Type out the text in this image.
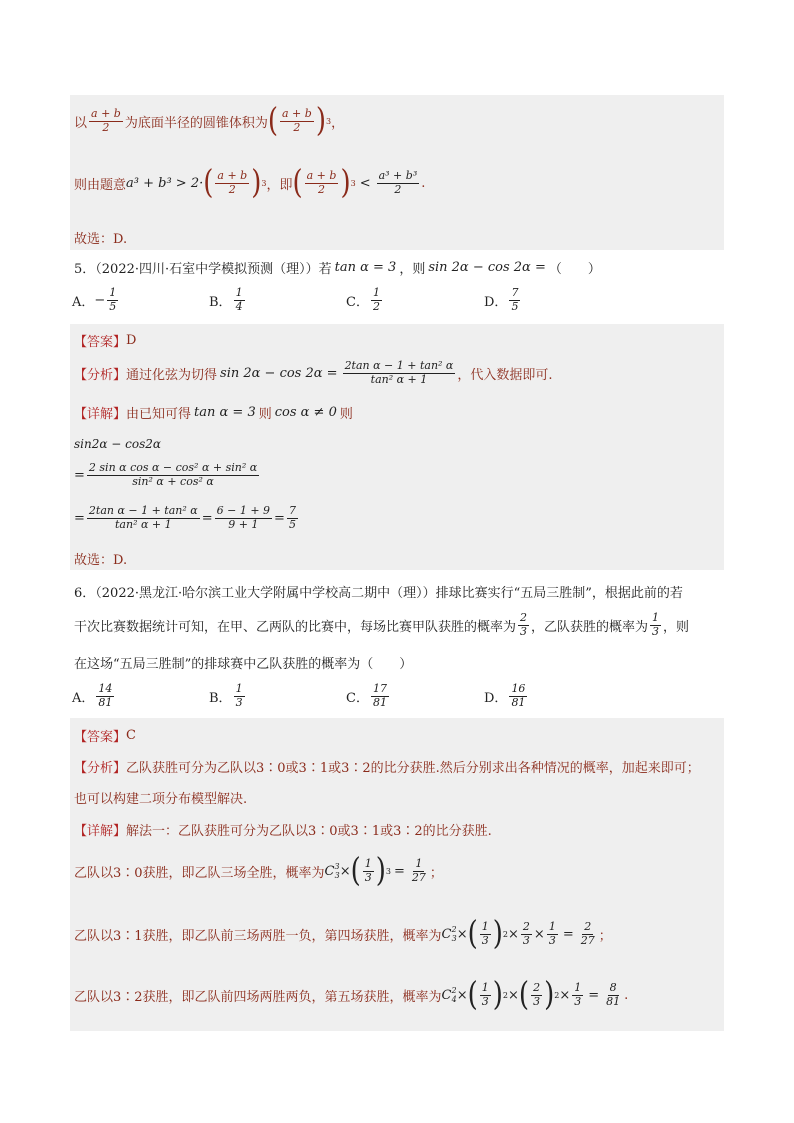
以 $\frac{a + b}{2}$ 为底面半径的圆锥体积为 ( $\frac{a + b}{2}$ ) 3 ，
则由题意 a³ + b³ > 2· ( $\frac{a + b}{2}$ ) 3 ，即 ( $\frac{a + b}{2}$ ) $3 < \frac{\text{a³ + b³}}{2}$ .
故选：D.
5．（2022·四川·石室中学模拟预测（理））若 tan α = 3 ，则 sin 2α − cos 2α = （　　）
A． − $\frac{1}{5}$	B． $\frac{1}{4}$	C． $\frac{1}{2}$	D． $\frac{7}{5}$
【答案】 D
【分析】 通过化弦为切得 $\sin 2\alpha - \cos 2\alpha = \frac{\text{2tan α − 1 + tan² α}}{\text{tan² α + 1}}$ ，代入数据即可.
【详解】 由已知可得 tan α = 3 则 cos α ≠ 0 则
sin2α − cos2α
= $\frac{\text{2 sin α cos α − cos² α + sin² α}}{\text{sin² α + cos² α}}$
= $\frac{\text{2tan α − 1 + tan² α}}{\text{tan² α + 1}} = \frac{6 - 1 + 9}{9 + 1} = \frac{7}{5}$
故选：D.
6．（2022·黑龙江·哈尔滨工业大学附属中学校高二期中（理））排球比赛实行“五局三胜制”，根据此前的若
干次比赛数据统计可知，在甲、乙两队的比赛中，每场比赛甲队获胜的概率为 $\frac{2}{3}$ ，乙队获胜的概率为 $\frac{1}{3}$ ，则
在这场“五局三胜制”的排球赛中乙队获胜的概率为（　　）
A． $\frac{14}{81}$	B． $\frac{1}{3}$	C． $\frac{17}{81}$	D． $\frac{16}{81}$
【答案】 C
【分析】 乙队获胜可分为乙队以3∶0或3∶1或3∶2的比分获胜.然后分别求出各种情况的概率，加起来即可；
也可以构建二项分布模型解决.
【详解】 解法一：乙队获胜可分为乙队以3∶0或3∶1或3∶2的比分获胜.
乙队以3∶0获胜，即乙队三场全胜，概率为 $C^3_3\times$ ( $\frac{1}{3}$ ) $3 = \frac{1}{27}$ ；
乙队以3∶1获胜，即乙队前三场两胜一负，第四场获胜，概率为 $C^2_3\times$ ( $\frac{1}{3}$ ) $2 \times \frac{2}{3} \times \frac{1}{3} = \frac{2}{27}$ ；
乙队以3∶2获胜，即乙队前四场两胜两负，第五场获胜，概率为 $C^2_4\times$ ( $\frac{1}{3}$ ) 2 × ( $\frac{2}{3}$ ) $2 \times \frac{1}{3} = \frac{8}{81}$ .
